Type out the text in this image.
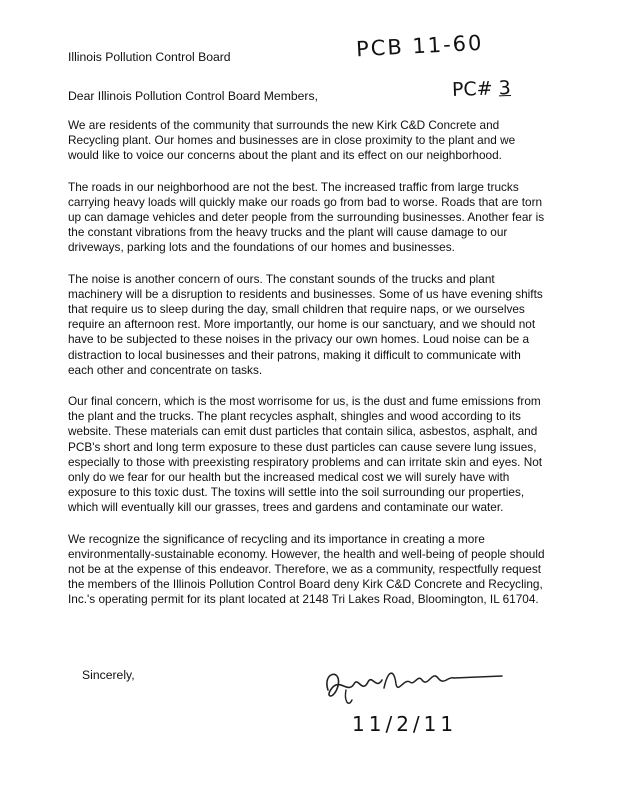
Illinois Pollution Control Board	PCB 11-60
PC# 3
Dear Illinois Pollution Control Board Members,

We are residents of the community that surrounds the new Kirk C&D Concrete and Recycling plant. Our homes and businesses are in close proximity to the plant and we would like to voice our concerns about the plant and its effect on our neighborhood.

The roads in our neighborhood are not the best. The increased traffic from large trucks carrying heavy loads will quickly make our roads go from bad to worse. Roads that are torn up can damage vehicles and deter people from the surrounding businesses. Another fear is the constant vibrations from the heavy trucks and the plant will cause damage to our driveways, parking lots and the foundations of our homes and businesses.

The noise is another concern of ours. The constant sounds of the trucks and plant machinery will be a disruption to residents and businesses. Some of us have evening shifts that require us to sleep during the day, small children that require naps, or we ourselves require an afternoon rest. More importantly, our home is our sanctuary, and we should not have to be subjected to these noises in the privacy our own homes. Loud noise can be a distraction to local businesses and their patrons, making it difficult to communicate with each other and concentrate on tasks.

Our final concern, which is the most worrisome for us, is the dust and fume emissions from the plant and the trucks. The plant recycles asphalt, shingles and wood according to its website. These materials can emit dust particles that contain silica, asbestos, asphalt, and PCB's short and long term exposure to these dust particles can cause severe lung issues, especially to those with preexisting respiratory problems and can irritate skin and eyes. Not only do we fear for our health but the increased medical cost we will surely have with exposure to this toxic dust. The toxins will settle into the soil surrounding our properties, which will eventually kill our grasses, trees and gardens and contaminate our water.

We recognize the significance of recycling and its importance in creating a more environmentally-sustainable economy. However, the health and well-being of people should not be at the expense of this endeavor. Therefore, we as a community, respectfully request the members of the Illinois Pollution Control Board deny Kirk C&D Concrete and Recycling, Inc.'s operating permit for its plant located at 2148 Tri Lakes Road, Bloomington, IL 61704.

Sincerely,
11/2/11
